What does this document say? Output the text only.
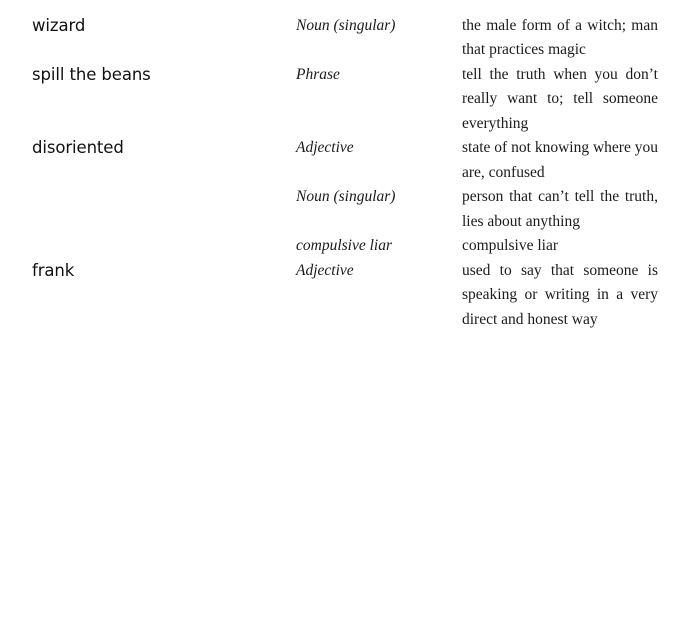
wizard	Noun (singular)	the male form of a witch; man that practices magic
spill the beans	Phrase	tell the truth when you don’t really want to; tell someone everything
disoriented	Adjective	state of not knowing where you are, confused
	Noun (singular)	person that can’t tell the truth, lies about anything
	compulsive liar	compulsive liar
frank	Adjective	used to say that someone is speaking or writing in a very direct and honest way
